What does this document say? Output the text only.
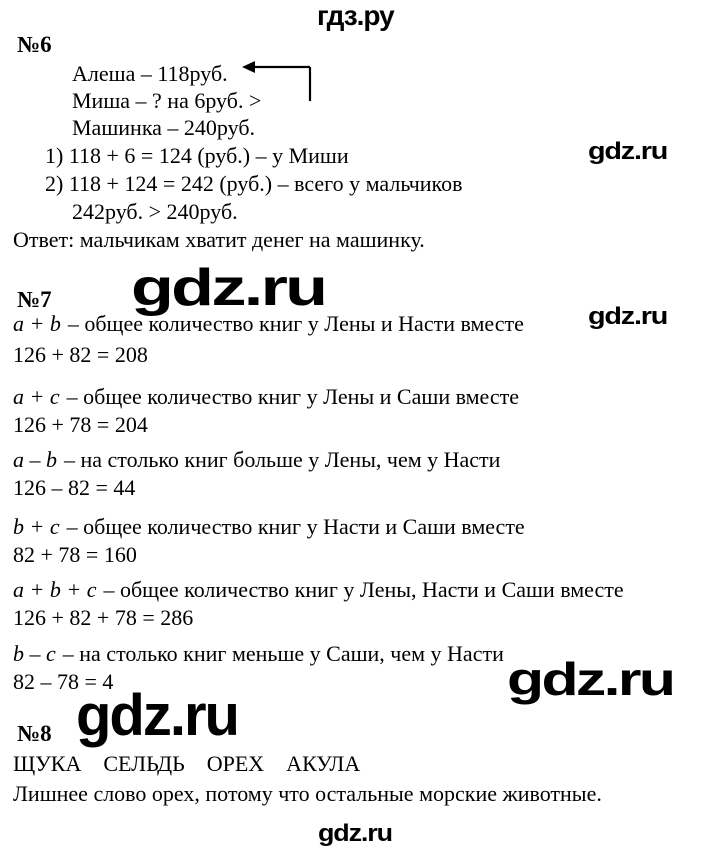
гдз.ру
gdz.ru
gdz.ru	gdz.ru
gdz.ru
gdz.ru
gdz.ru
№6
Алеша – 118руб.
Миша – ? на 6руб. >
Машинка – 240руб.
1) 118 + 6 = 124 (руб.) – у Миши
2) 118 + 124 = 242 (руб.) – всего у мальчиков
242руб. > 240руб.
Ответ: мальчикам хватит денег на машинку.
№7
a + b – общее количество книг у Лены и Насти вместе
126 + 82 = 208
a + c – общее количество книг у Лены и Саши вместе
126 + 78 = 204
a – b – на столько книг больше у Лены, чем у Насти
126 – 82 = 44
b + c – общее количество книг у Насти и Саши вместе
82 + 78 = 160
a + b + c – общее количество книг у Лены, Насти и Саши вместе
126 + 82 + 78 = 286
b – c – на столько книг меньше у Саши, чем у Насти
82 – 78 = 4
№8
ЩУКА  СЕЛЬДЬ  ОРЕХ  АКУЛА
Лишнее слово орех, потому что остальные морские животные.
